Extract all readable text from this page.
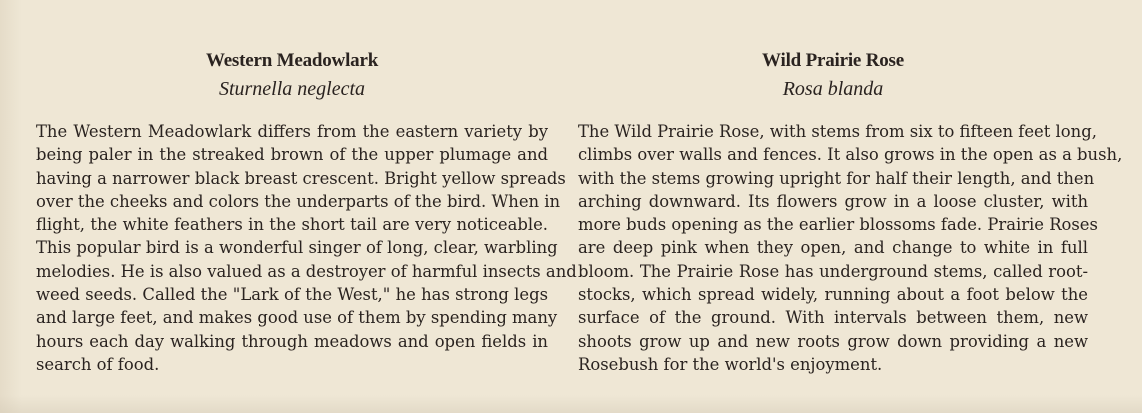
Western Meadowlark
Sturnella neglecta
The Western Meadowlark differs from the eastern variety by
being paler in the streaked brown of the upper plumage and
having a narrower black breast crescent. Bright yellow spreads
over the cheeks and colors the underparts of the bird. When in
flight, the white feathers in the short tail are very noticeable.
This popular bird is a wonderful singer of long, clear, warbling
melodies. He is also valued as a destroyer of harmful insects and
weed seeds. Called the "Lark of the West," he has strong legs
and large feet, and makes good use of them by spending many
hours each day walking through meadows and open fields in
search of food.
Wild Prairie Rose
Rosa blanda
The Wild Prairie Rose, with stems from six to fifteen feet long,
climbs over walls and fences. It also grows in the open as a bush,
with the stems growing upright for half their length, and then
arching downward. Its flowers grow in a loose cluster, with
more buds opening as the earlier blossoms fade. Prairie Roses
are deep pink when they open, and change to white in full
bloom. The Prairie Rose has underground stems, called root-
stocks, which spread widely, running about a foot below the
surface of the ground. With intervals between them, new
shoots grow up and new roots grow down providing a new
Rosebush for the world's enjoyment.
